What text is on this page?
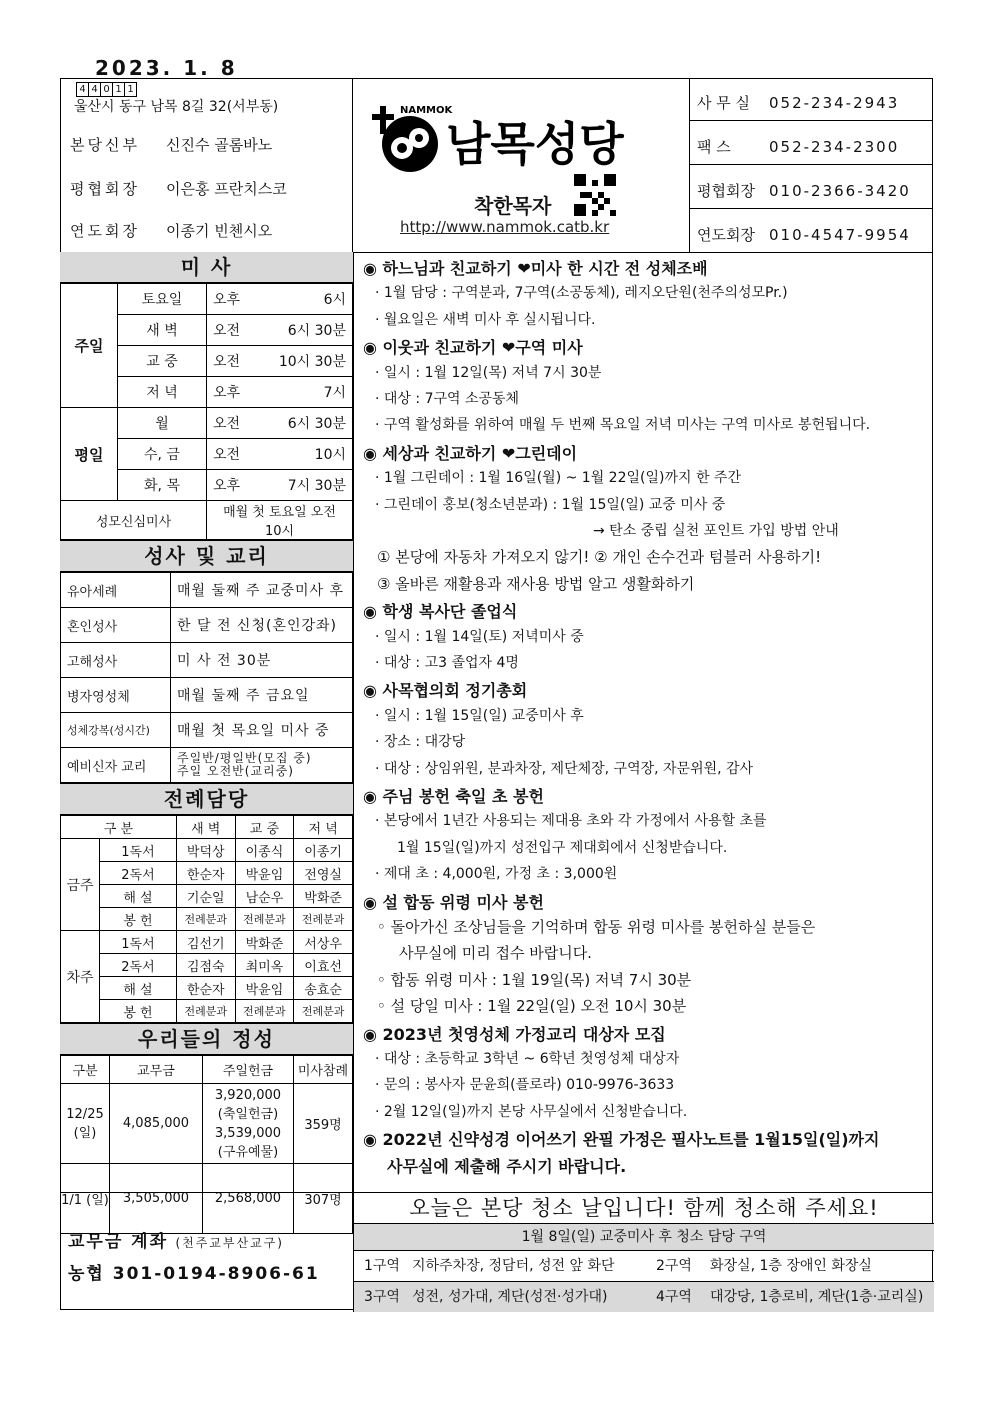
2023. 1. 8
4 4 0 1 1
울산시 동구 남목 8길 32(서부동)
본당신부 신진수 골롬바노
평협회장 이은홍 프란치스코
연도회장 이종기 빈첸시오
NAMMOK
남목성당
착한목자
http://www.nammok.catb.kr
사 무 실 052-234-2943
팩 스	052-234-2300
평협회장 010-2366-3420
연도회장 010-4547-9954
미 사
주일	토요일	오후	6시
	새 벽	오전	6시 30분
	교 중	오전	10시 30분
	저 녁	오후	7시
평일	월	오전	6시 30분
	수, 금	오전	10시
	화, 목	오후	7시 30분
성모신심미사		매월 첫 토요일 오전 10시	
성사 및 교리
유아세례	매월 둘째 주 교중미사 후
혼인성사	한 달 전 신청(혼인강좌)
고해성사	미 사 전 30분
병자영성체	매월 둘째 주 금요일
성체강복(성시간)	매월 첫 목요일 미사 중
예비신자 교리	주일반/평일반(모집 중)
주일 오전반(교리중)
전례담당
구 분		새 벽	교 중	저 녁
금주	1독서	박덕상	이종식	이종기
	2독서	한순자	박윤임	전영실
	해 설	기순일	남순우	박화준
	봉 헌	전례분과	전례분과	전례분과
차주	1독서	김선기	박화준	서상우
	2독서	김점숙	최미옥	이효선
	해 설	한순자	박윤임	송효순
	봉 헌	전례분과	전례분과	전례분과
우리들의 정성
구분	교무금	주일헌금	미사참례
12/25 (일)	4,085,000	3,920,000
(축일헌금)
3,539,000
(구유예물)	359명
1/1 (일)	3,505,000	2,568,000	307명
◉ 하느님과 친교하기 ❤미사 한 시간 전 성체조배
· 1월 담당 : 구역분과, 7구역(소공동체), 레지오단원(천주의성모Pr.)
· 월요일은 새벽 미사 후 실시됩니다.
◉ 이웃과 친교하기 ❤구역 미사
· 일시 : 1월 12일(목) 저녁 7시 30분
· 대상 : 7구역 소공동체
· 구역 활성화를 위하여 매월 두 번째 목요일 저녁 미사는 구역 미사로 봉헌됩니다.
◉ 세상과 친교하기 ❤그린데이
· 1월 그린데이 : 1월 16일(월) ~ 1월 22일(일)까지 한 주간
· 그린데이 홍보(청소년분과) : 1월 15일(일) 교중 미사 중
→ 탄소 중립 실천 포인트 가입 방법 안내
① 본당에 자동차 가져오지 않기! ② 개인 손수건과 텀블러 사용하기!
③ 올바른 재활용과 재사용 방법 알고 생활화하기
◉ 학생 복사단 졸업식
· 일시 : 1월 14일(토) 저녁미사 중
· 대상 : 고3 졸업자 4명
◉ 사목협의회 정기총회
· 일시 : 1월 15일(일) 교중미사 후
· 장소 : 대강당
· 대상 : 상임위원, 분과차장, 제단체장, 구역장, 자문위원, 감사
◉ 주님 봉헌 축일 초 봉헌
· 본당에서 1년간 사용되는 제대용 초와 각 가정에서 사용할 초를
1월 15일(일)까지 성전입구 제대회에서 신청받습니다.
· 제대 초 : 4,000원, 가정 초 : 3,000원
◉ 설 합동 위령 미사 봉헌
◦ 돌아가신 조상님들을 기억하며 합동 위령 미사를 봉헌하실 분들은
사무실에 미리 접수 바랍니다.
◦ 합동 위령 미사 : 1월 19일(목) 저녁 7시 30분
◦ 설 당일 미사 : 1월 22일(일) 오전 10시 30분
◉ 2023년 첫영성체 가정교리 대상자 모집
· 대상 : 초등학교 3학년 ~ 6학년 첫영성체 대상자
· 문의 : 봉사자 문윤희(플로라) 010-9976-3633
· 2월 12일(일)까지 본당 사무실에서 신청받습니다.
◉ 2022년 신약성경 이어쓰기 완필 가정은 필사노트를 1월15일(일)까지
사무실에 제출해 주시기 바랍니다.
교무금 계좌 (천주교부산교구)
농협 301-0194-8906-61
오늘은 본당 청소 날입니다! 함께 청소해 주세요!
1월 8일(일) 교중미사 후 청소 담당 구역
1구역 지하주차장, 정담터, 성전 앞 화단	2구역 화장실, 1층 장애인 화장실
3구역 성전, 성가대, 계단(성전·성가대)	4구역 대강당, 1층로비, 계단(1층·교리실)
